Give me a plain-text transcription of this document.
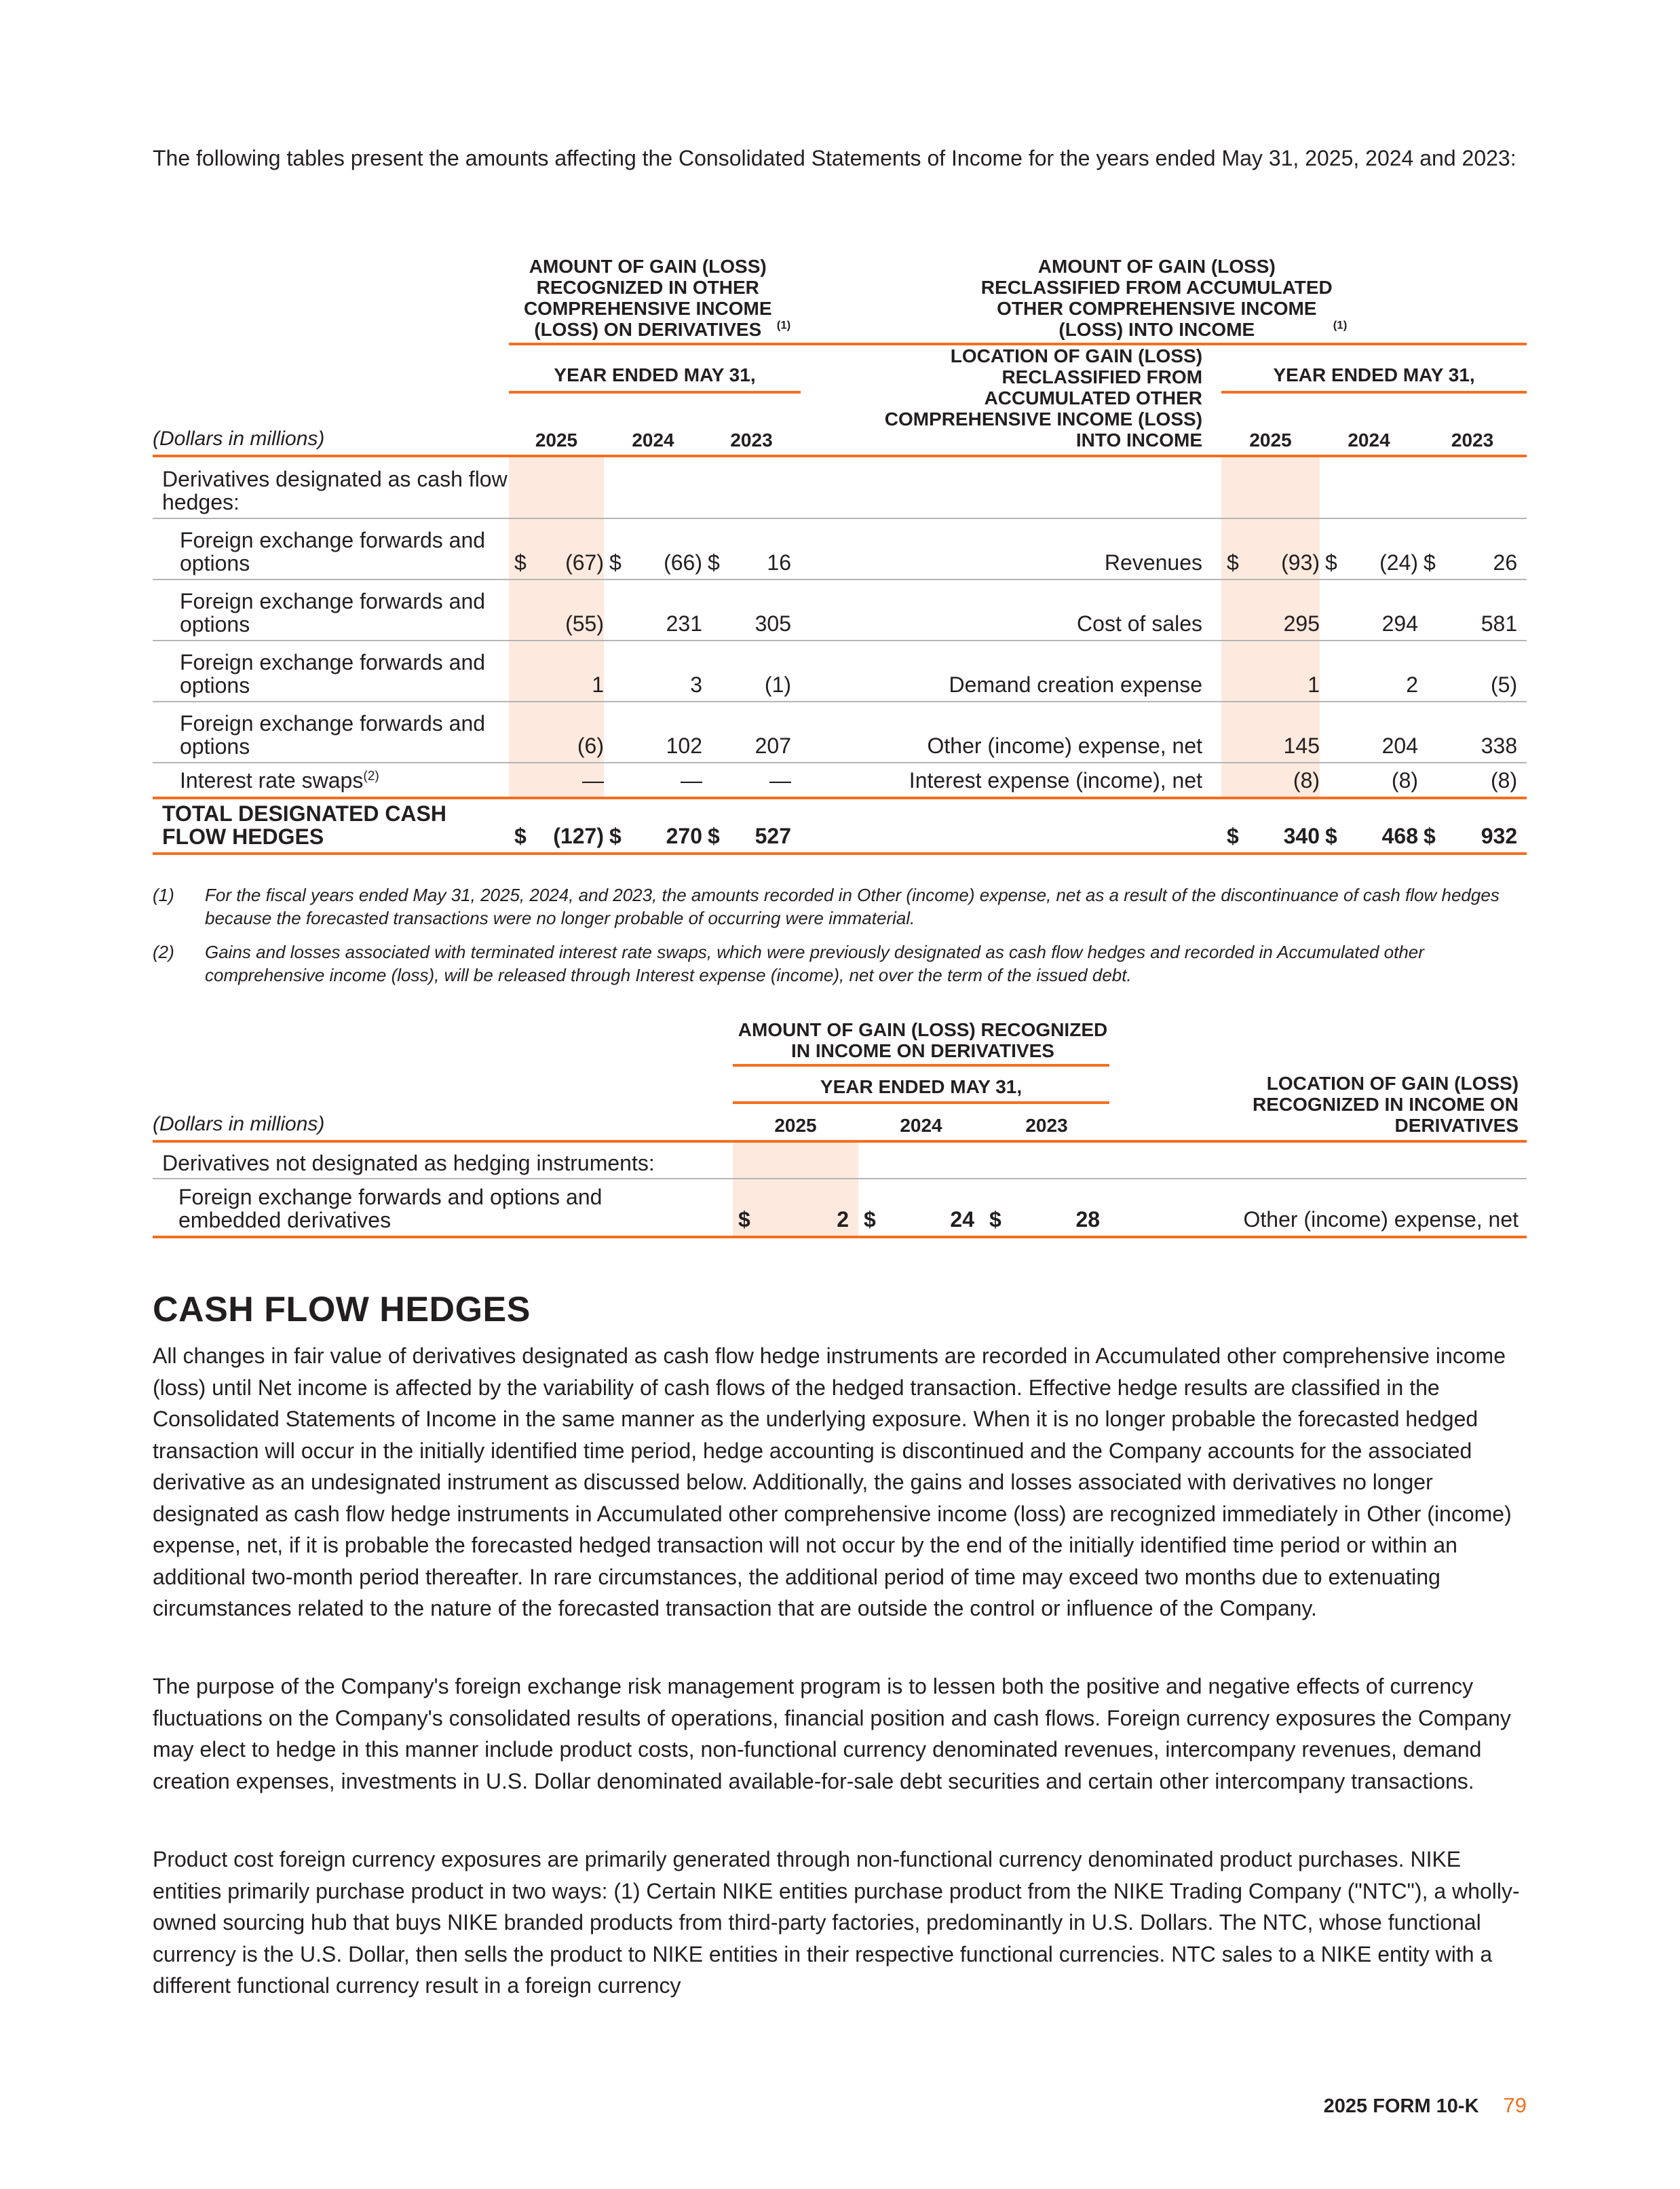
The following tables present the amounts affecting the Consolidated Statements of Income for the years ended May 31, 2025, 2024 and 2023:
	AMOUNT OF GAIN (LOSS) RECOGNIZED IN OTHER COMPREHENSIVE INCOME (LOSS) ON DERIVATIVES $^{(1)}$						AMOUNT OF GAIN (LOSS) RECLASSIFIED FROM ACCUMULATED OTHER COMPREHENSIVE INCOME (LOSS) INTO INCOME $^{(1)}$

	YEAR ENDED MAY 31,						LOCATION OF GAIN (LOSS) RECLASSIFIED FROM ACCUMULATED OTHER COMPREHENSIVE INCOME (LOSS) INTO INCOME	YEAR ENDED MAY 31,					

(Dollars in millions)	2025		2024		2023			2025		2024		2023	
Derivatives designated as cash flow hedges:													
Foreign exchange forwards and options	$	(67)	$	(66)	$	16	Revenues	$	(93)	$	(24)	$	26
Foreign exchange forwards and options		(55)		231		305	Cost of sales		295		294		581
Foreign exchange forwards and options		1		3		(1)	Demand creation expense		1		2		(5)
Foreign exchange forwards and options		(6)		102		207	Other (income) expense, net		145		204		338
Interest rate swaps$^{(2)}$		—		—		—	Interest expense (income), net		(8)		(8)		(8)
TOTAL DESIGNATED CASH FLOW HEDGES	$	(127)	$	270	$	527		$	340	$	468	$	932
(1) For the fiscal years ended May 31, 2025, 2024, and 2023, the amounts recorded in Other (income) expense, net as a result of the discontinuance of cash flow hedges because the forecasted transactions were no longer probable of occurring were immaterial.
(2) Gains and losses associated with terminated interest rate swaps, which were previously designated as cash flow hedges and recorded in Accumulated other comprehensive income (loss), will be released through Interest expense (income), net over the term of the issued debt.
	AMOUNT OF GAIN (LOSS) RECOGNIZED IN INCOME ON DERIVATIVES						

	YEAR ENDED MAY 31,						LOCATION OF GAIN (LOSS) RECOGNIZED IN INCOME ON DERIVATIVES
(Dollars in millions)	2025		2024		2023		
Derivatives not designated as hedging instruments:							
Foreign exchange forwards and options and embedded derivatives	$	2	$	24	$	28	Other (income) expense, net
CASH FLOW HEDGES
All changes in fair value of derivatives designated as cash flow hedge instruments are recorded in Accumulated other comprehensive income (loss) until Net income is affected by the variability of cash flows of the hedged transaction. Effective hedge results are classified in the Consolidated Statements of Income in the same manner as the underlying exposure. When it is no longer probable the forecasted hedged transaction will occur in the initially identified time period, hedge accounting is discontinued and the Company accounts for the associated derivative as an undesignated instrument as discussed below. Additionally, the gains and losses associated with derivatives no longer designated as cash flow hedge instruments in Accumulated other comprehensive income (loss) are recognized immediately in Other (income) expense, net, if it is probable the forecasted hedged transaction will not occur by the end of the initially identified time period or within an additional two-month period thereafter. In rare circumstances, the additional period of time may exceed two months due to extenuating circumstances related to the nature of the forecasted transaction that are outside the control or influence of the Company.
The purpose of the Company's foreign exchange risk management program is to lessen both the positive and negative effects of currency fluctuations on the Company's consolidated results of operations, financial position and cash flows. Foreign currency exposures the Company may elect to hedge in this manner include product costs, non-functional currency denominated revenues, intercompany revenues, demand creation expenses, investments in U.S. Dollar denominated available-for-sale debt securities and certain other intercompany transactions.
Product cost foreign currency exposures are primarily generated through non-functional currency denominated product purchases. NIKE entities primarily purchase product in two ways: (1) Certain NIKE entities purchase product from the NIKE Trading Company ("NTC"), a wholly-owned sourcing hub that buys NIKE branded products from third-party factories, predominantly in U.S. Dollars. The NTC, whose functional currency is the U.S. Dollar, then sells the product to NIKE entities in their respective functional currencies. NTC sales to a NIKE entity with a different functional currency result in a foreign currency
2025 FORM 10-K 79
